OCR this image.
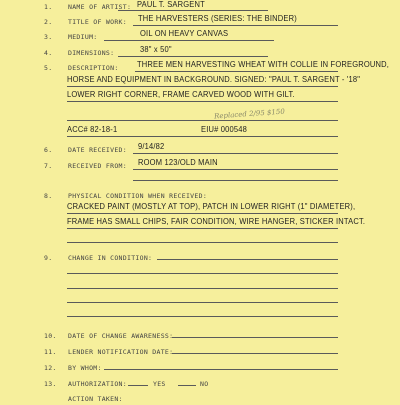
1. NAME OF ARTIST: PAUL T. SARGENT
2. TITLE OF WORK: THE HARVESTERS (SERIES: THE BINDER)
3. MEDIUM:	OIL ON HEAVY CANVAS
4. DIMENSIONS:	38" x 50"
5. DESCRIPTION: THREE MEN HARVESTING WHEAT WITH COLLIE IN FOREGROUND,
HORSE AND EQUIPMENT IN BACKGROUND. SIGNED: "PAUL T. SARGENT - '18"
LOWER RIGHT CORNER, FRAME CARVED WOOD WITH GILT.
Replaced 2/95 $150
ACC# 82-18-1	EIU# 000548
6. DATE RECEIVED: 9/14/82
7. RECEIVED FROM: ROOM 123/OLD MAIN
8. PHYSICAL CONDITION WHEN RECEIVED:
CRACKED PAINT (MOSTLY AT TOP), PATCH IN LOWER RIGHT (1" DIAMETER),
FRAME HAS SMALL CHIPS, FAIR CONDITION, WIRE HANGER, STICKER INTACT.
9. CHANGE IN CONDITION:
10. DATE OF CHANGE AWARENESS:
11. LENDER NOTIFICATION DATE:
12. BY WHOM:
13. AUTHORIZATION:	YES	NO
ACTION TAKEN:
